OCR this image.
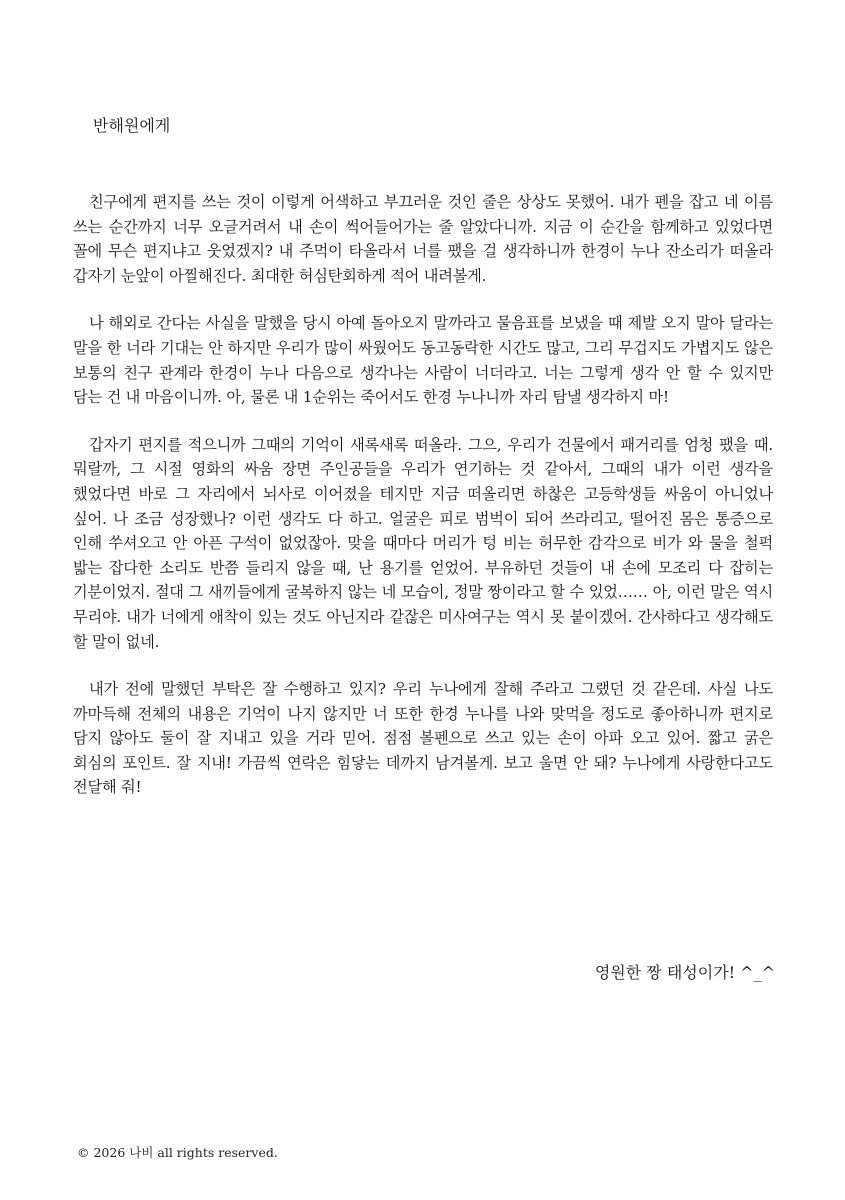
반해원에게

친구에게 편지를 쓰는 것이 이렇게 어색하고 부끄러운 것인 줄은 상상도 못했어. 내가 펜을 잡고 네 이름 쓰는 순간까지 너무 오글거려서 내 손이 썩어들어가는 줄 알았다니까. 지금 이 순간을 함께하고 있었다면 꼴에 무슨 편지냐고 웃었겠지? 내 주먹이 타올라서 너를 팼을 걸 생각하니까 한경이 누나 잔소리가 떠올라 갑자기 눈앞이 아찔해진다. 최대한 허심탄회하게 적어 내려볼게.

나 해외로 간다는 사실을 말했을 당시 아예 돌아오지 말까라고 물음표를 보냈을 때 제발 오지 말아 달라는 말을 한 너라 기대는 안 하지만 우리가 많이 싸웠어도 동고동락한 시간도 많고, 그리 무겁지도 가볍지도 않은 보통의 친구 관계라 한경이 누나 다음으로 생각나는 사람이 너더라고. 너는 그렇게 생각 안 할 수 있지만 담는 건 내 마음이니까. 아, 물론 내 1순위는 죽어서도 한경 누나니까 자리 탐낼 생각하지 마!

갑자기 편지를 적으니까 그때의 기억이 새록새록 떠올라. 그으, 우리가 건물에서 패거리를 엄청 팼을 때. 뭐랄까, 그 시절 영화의 싸움 장면 주인공들을 우리가 연기하는 것 같아서, 그때의 내가 이런 생각을 했었다면 바로 그 자리에서 뇌사로 이어졌을 테지만 지금 떠올리면 하찮은 고등학생들 싸움이 아니었나 싶어. 나 조금 성장했나? 이런 생각도 다 하고. 얼굴은 피로 범벅이 되어 쓰라리고, 떨어진 몸은 통증으로 인해 쑤셔오고 안 아픈 구석이 없었잖아. 맞을 때마다 머리가 텅 비는 허무한 감각으로 비가 와 물을 철퍽 밟는 잡다한 소리도 반쯤 들리지 않을 때, 난 용기를 얻었어. 부유하던 것들이 내 손에 모조리 다 잡히는 기분이었지. 절대 그 새끼들에게 굴복하지 않는 네 모습이, 정말 짱이라고 할 수 있었…… 아, 이런 말은 역시 무리야. 내가 너에게 애착이 있는 것도 아닌지라 같잖은 미사여구는 역시 못 붙이겠어. 간사하다고 생각해도 할 말이 없네.

내가 전에 말했던 부탁은 잘 수행하고 있지? 우리 누나에게 잘해 주라고 그랬던 것 같은데. 사실 나도 까마득해 전체의 내용은 기억이 나지 않지만 너 또한 한경 누나를 나와 맞먹을 정도로 좋아하니까 편지로 담지 않아도 둘이 잘 지내고 있을 거라 믿어. 점점 볼펜으로 쓰고 있는 손이 아파 오고 있어. 짧고 굵은 회심의 포인트. 잘 지내! 가끔씩 연락은 힘닿는 데까지 남겨볼게. 보고 울면 안 돼? 누나에게 사랑한다고도 전달해 줘!

영원한 짱 태성이가! ^_^

© 2026 나비 all rights reserved.
